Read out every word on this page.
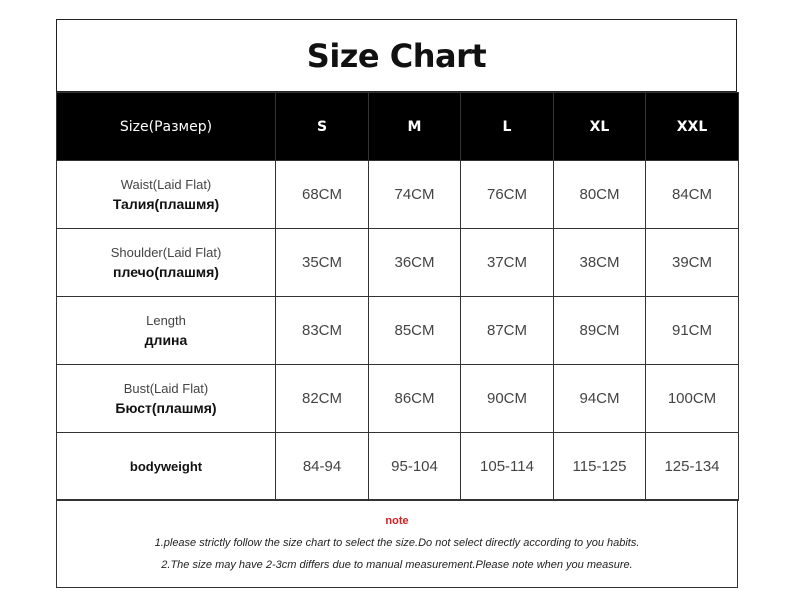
Size Chart
Size(Размер)	S	M	L	XL	XXL

Waist(Laid Flat)
Талия(плашмя)	68CM	74CM	76CM	80CM	84CM

Shoulder(Laid Flat)
плечо(плашмя)	35CM	36CM	37CM	38CM	39CM

Length
длина	83CM	85CM	87CM	89CM	91CM

Bust(Laid Flat)
Бюст(плашмя)	82CM	86CM	90CM	94CM	100CM
bodyweight	84-94	95-104	105-114	115-125	125-134
note
1.please strictly follow the size chart to select the size.Do not select directly according to you habits.
2.The size may have 2-3cm differs due to manual measurement.Please note when you measure.
